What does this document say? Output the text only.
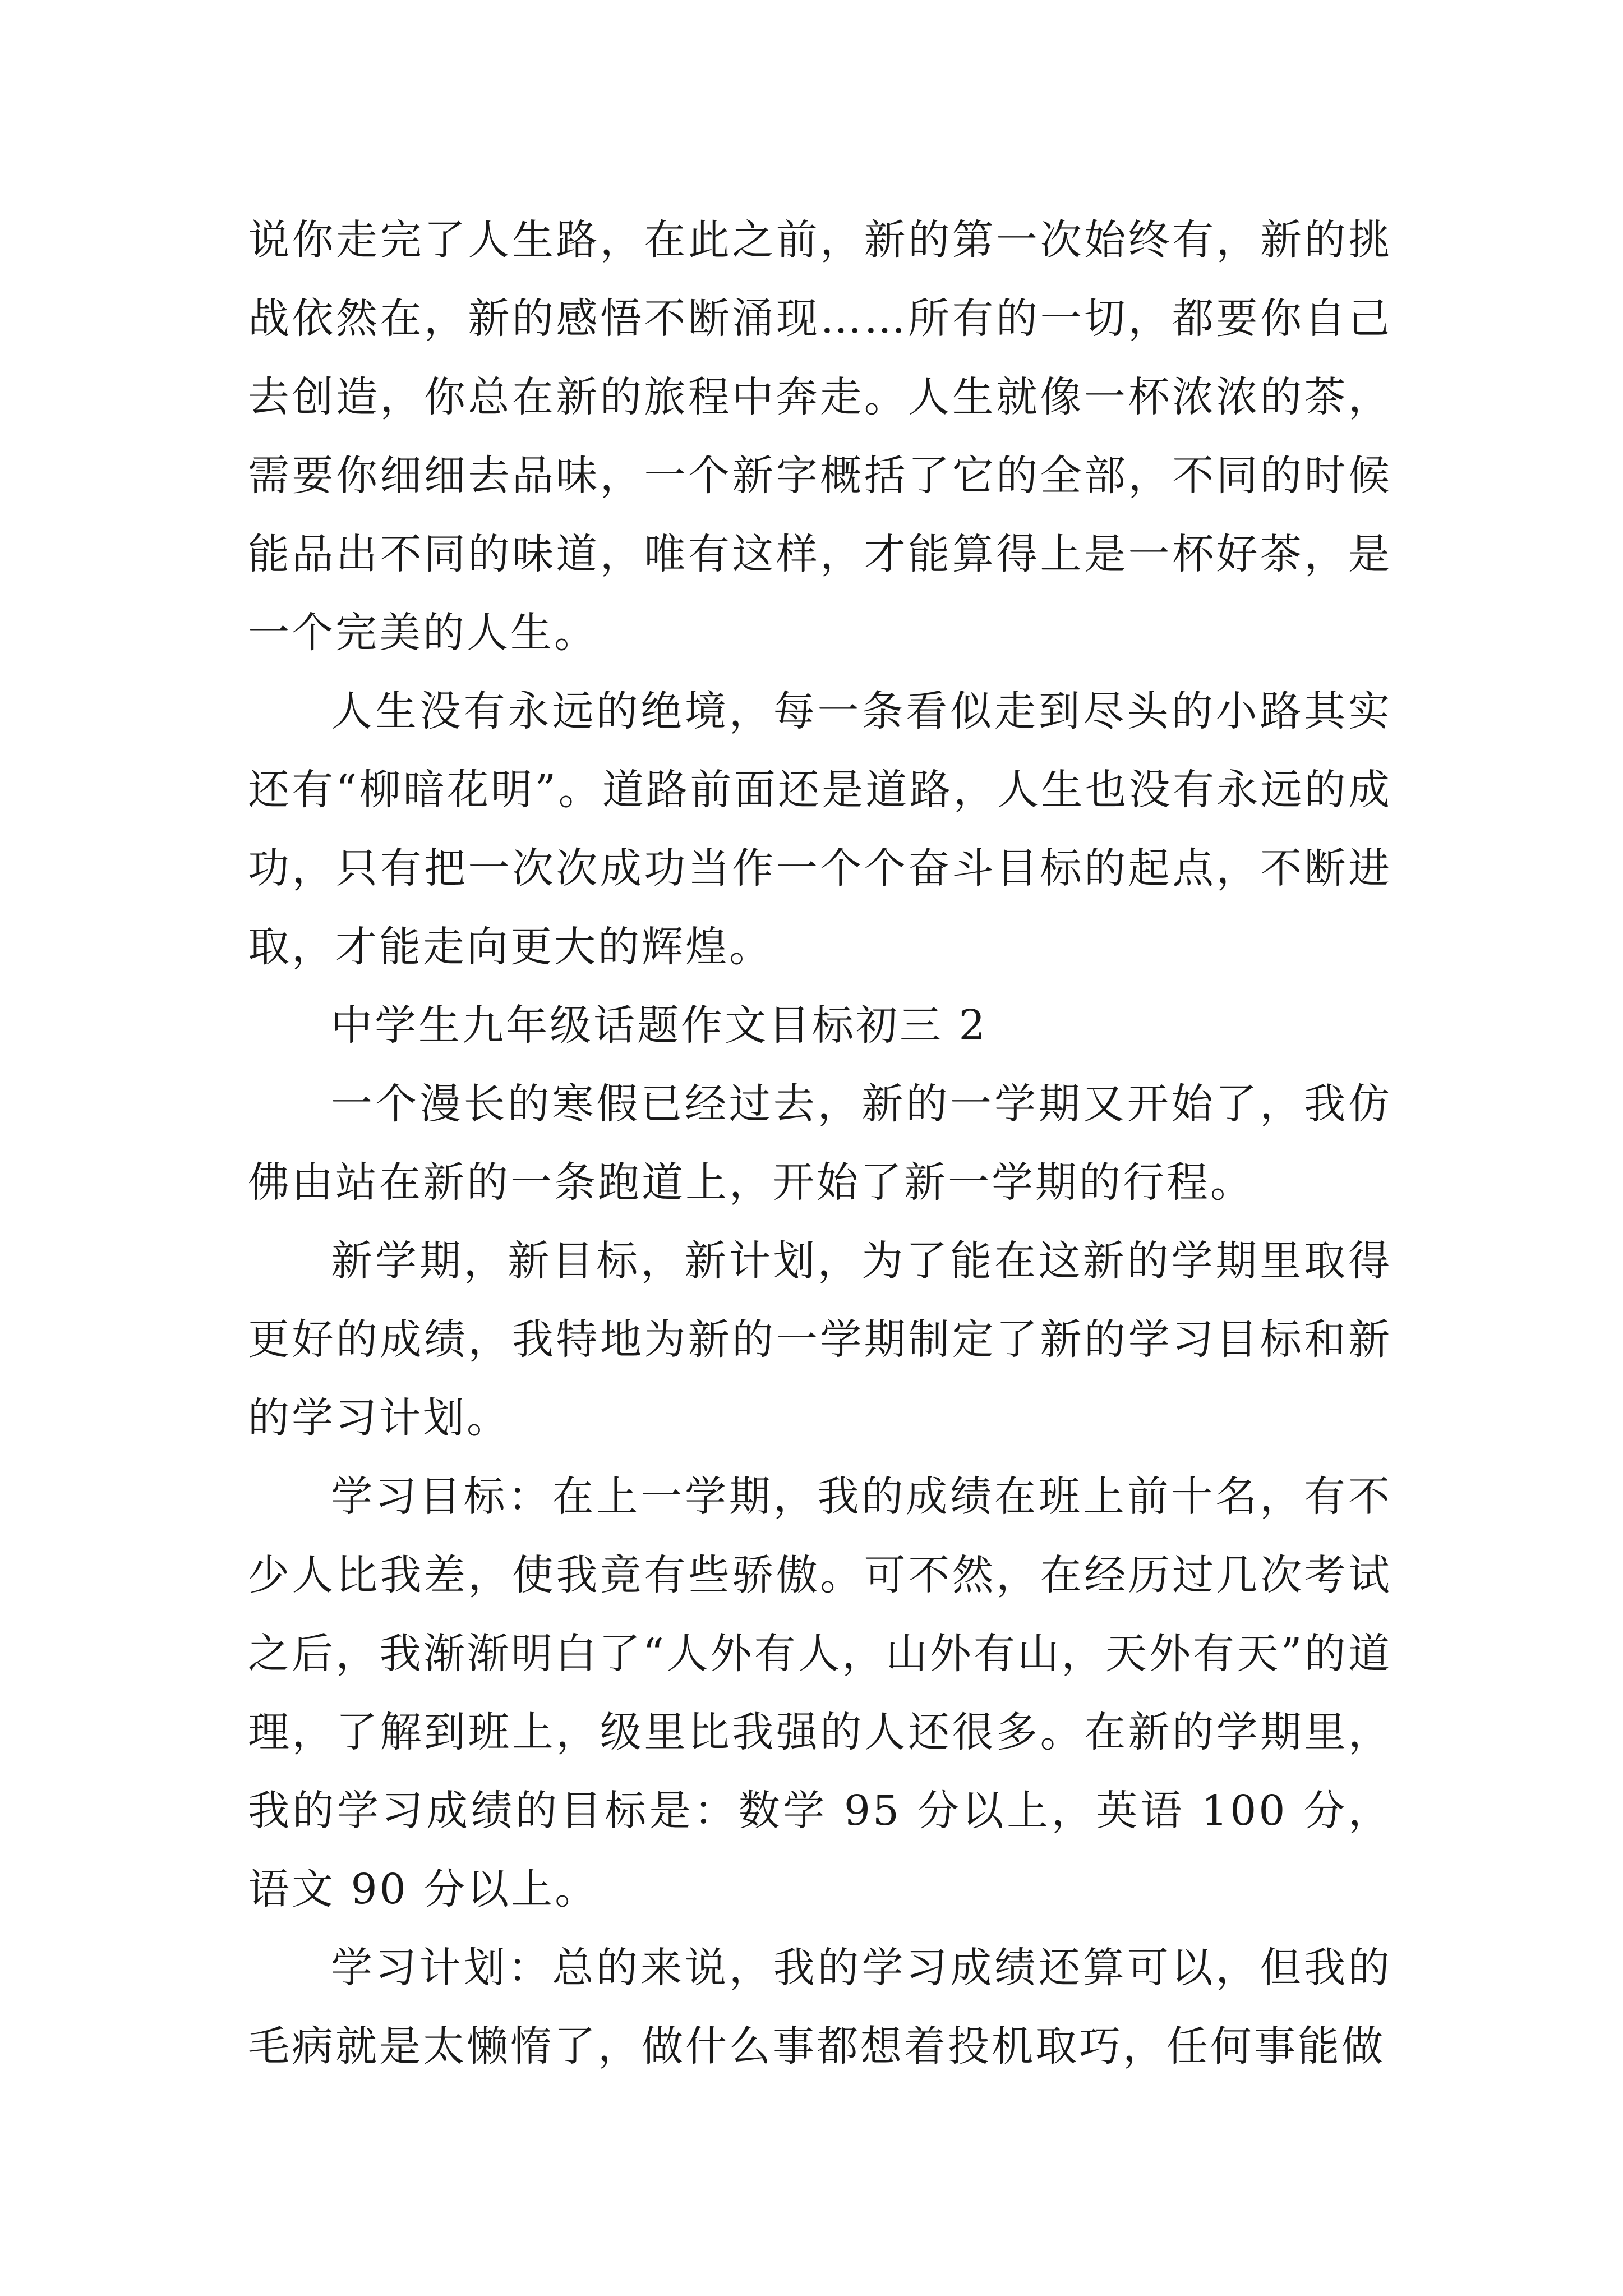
说你走完了人生路，在此之前，新的第一次始终有，新的挑战依然在，新的感悟不断涌现……所有的一切，都要你自己去创造，你总在新的旅程中奔走。人生就像一杯浓浓的茶，需要你细细去品味，一个新字概括了它的全部，不同的时候能品出不同的味道，唯有这样，才能算得上是一杯好茶，是一个完美的人生。

人生没有永远的绝境，每一条看似走到尽头的小路其实还有“柳暗花明”。道路前面还是道路，人生也没有永远的成功，只有把一次次成功当作一个个奋斗目标的起点，不断进取，才能走向更大的辉煌。

中学生九年级话题作文目标初三 2

一个漫长的寒假已经过去，新的一学期又开始了，我仿佛由站在新的一条跑道上，开始了新一学期的行程。

新学期，新目标，新计划，为了能在这新的学期里取得更好的成绩，我特地为新的一学期制定了新的学习目标和新的学习计划。

学习目标：在上一学期，我的成绩在班上前十名，有不少人比我差，使我竟有些骄傲。可不然，在经历过几次考试之后，我渐渐明白了“人外有人，山外有山，天外有天”的道理，了解到班上，级里比我强的人还很多。在新的学期里，我的学习成绩的目标是：数学 95 分以上，英语 100 分，语文 90 分以上。

学习计划：总的来说，我的学习成绩还算可以，但我的毛病就是太懒惰了，做什么事都想着投机取巧，任何事能做
